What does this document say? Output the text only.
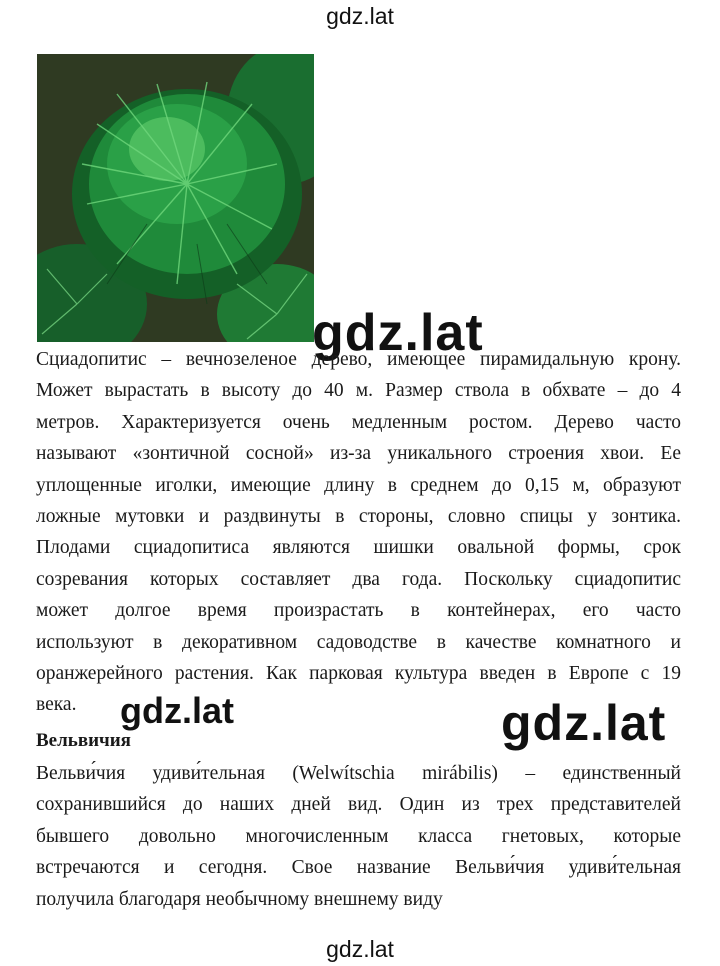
gdz.lat
gdz.lat
Сциадопитис – вечнозеленое дерево, имеющее пирамидальную крону.
Может вырастать в высоту до 40 м. Размер ствола в обхвате – до 4
метров. Характеризуется очень медленным ростом. Дерево часто
называют «зонтичной сосной» из-за уникального строения хвои. Ее
уплощенные иголки, имеющие длину в среднем до 0,15 м, образуют
ложные мутовки и раздвинуты в стороны, словно спицы у зонтика.
Плодами сциадопитиса являются шишки овальной формы, срок
созревания которых составляет два года. Поскольку сциадопитис
может долгое время произрастать в контейнерах, его часто
используют в декоративном садоводстве в качестве комнатного и
оранжерейного растения. Как парковая культура введен в Европе с 19
века.	gdz.lat	gdz.lat
Вельвичия
Вельви́чия удиви́тельная (Welwítschia mirábilis) – единственный
сохранившийся до наших дней вид. Один из трех представителей
бывшего довольно многочисленным класса гнетовых, которые
встречаются и сегодня. Свое название Вельви́чия удиви́тельная
получила благодаря необычному внешнему виду
gdz.lat
